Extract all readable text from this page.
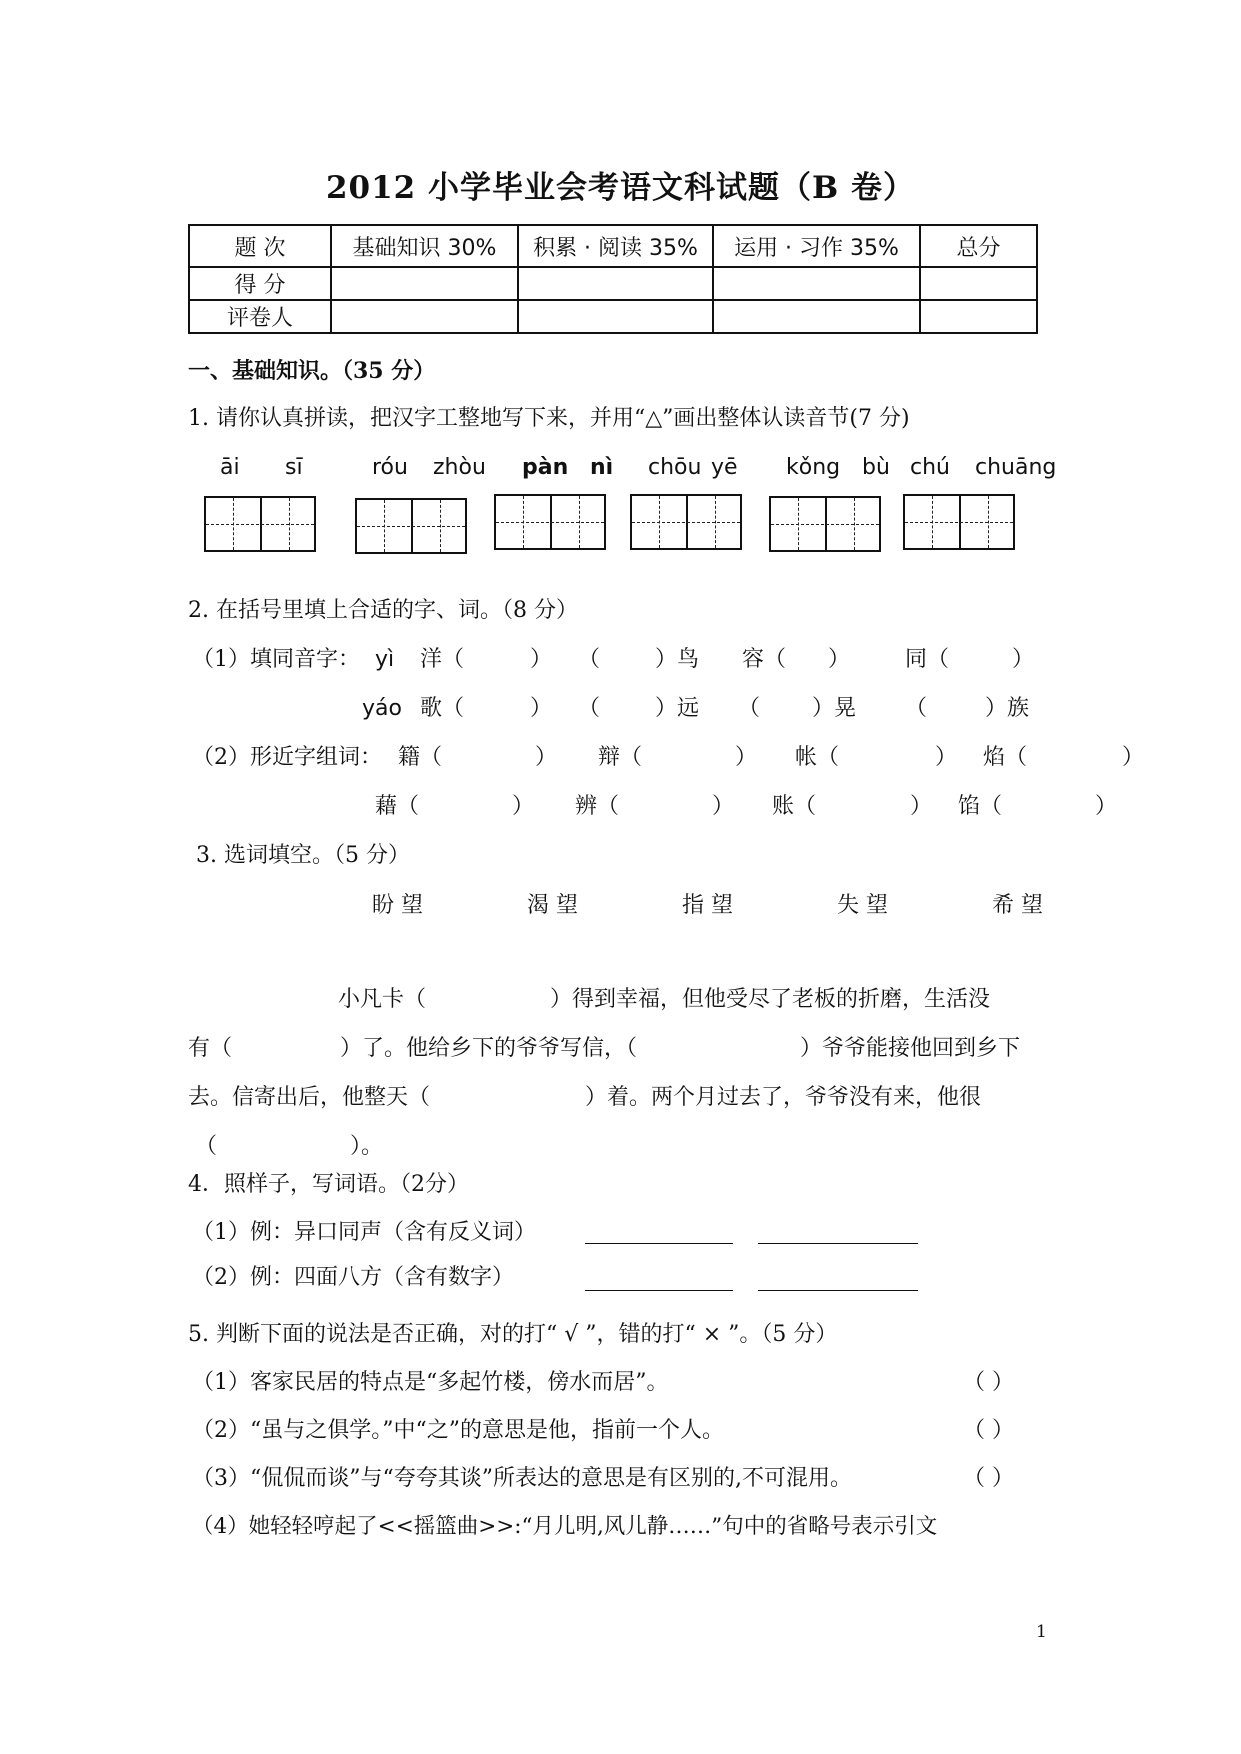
2012 小学毕业会考语文科试题（B 卷）
题 次	基础知识 30%	积累 · 阅读 35%	运用 · 习作 35%	总分
得 分				
评卷人				
一、基础知识。（35 分）
1. 请你认真拼读，把汉字工整地写下来，并用“△”画出整体认读音节(7 分)
āi sī	róu zhòu pàn nì chōu yē kǒng bù chú chuāng
2. 在括号里填上合适的字、词。（8 分）
（1）填同音字： yì 洋（	） （ ）鸟 容（ ） 同（	）
yáo 歌（	） （ ）远 （ ）晃 （	）族
（2）形近字组词： 籍（	） 辩（	） 帐（	） 焰（	）
藉（	） 辨（	） 账（	） 馅（	）
3. 选词填空。（5 分）
盼 望	渴 望	指 望	失 望	希 望
小凡卡（	）得到幸福，但他受尽了老板的折磨，生活没
有（	）了。他给乡下的爷爷写信，（	）爷爷能接他回到乡下
去。信寄出后，他整天（	）着。两个月过去了，爷爷没有来，他很
（	）。
4．照样子，写词语。（2分）
（1）例：异口同声（含有反义词）
（2）例：四面八方（含有数字）
5. 判断下面的说法是否正确，对的打“ √ ”，错的打“ × ”。（5 分）
（1）客家民居的特点是“多起竹楼，傍水而居”。	（ ）
（2）“虽与之俱学。”中“之”的意思是他，指前一个人。	（ ）
（3）“侃侃而谈”与“夸夸其谈”所表达的意思是有区别的,不可混用。	（ ）
（4）她轻轻哼起了<<摇篮曲>>:“月儿明,风儿静……”句中的省略号表示引文
1
